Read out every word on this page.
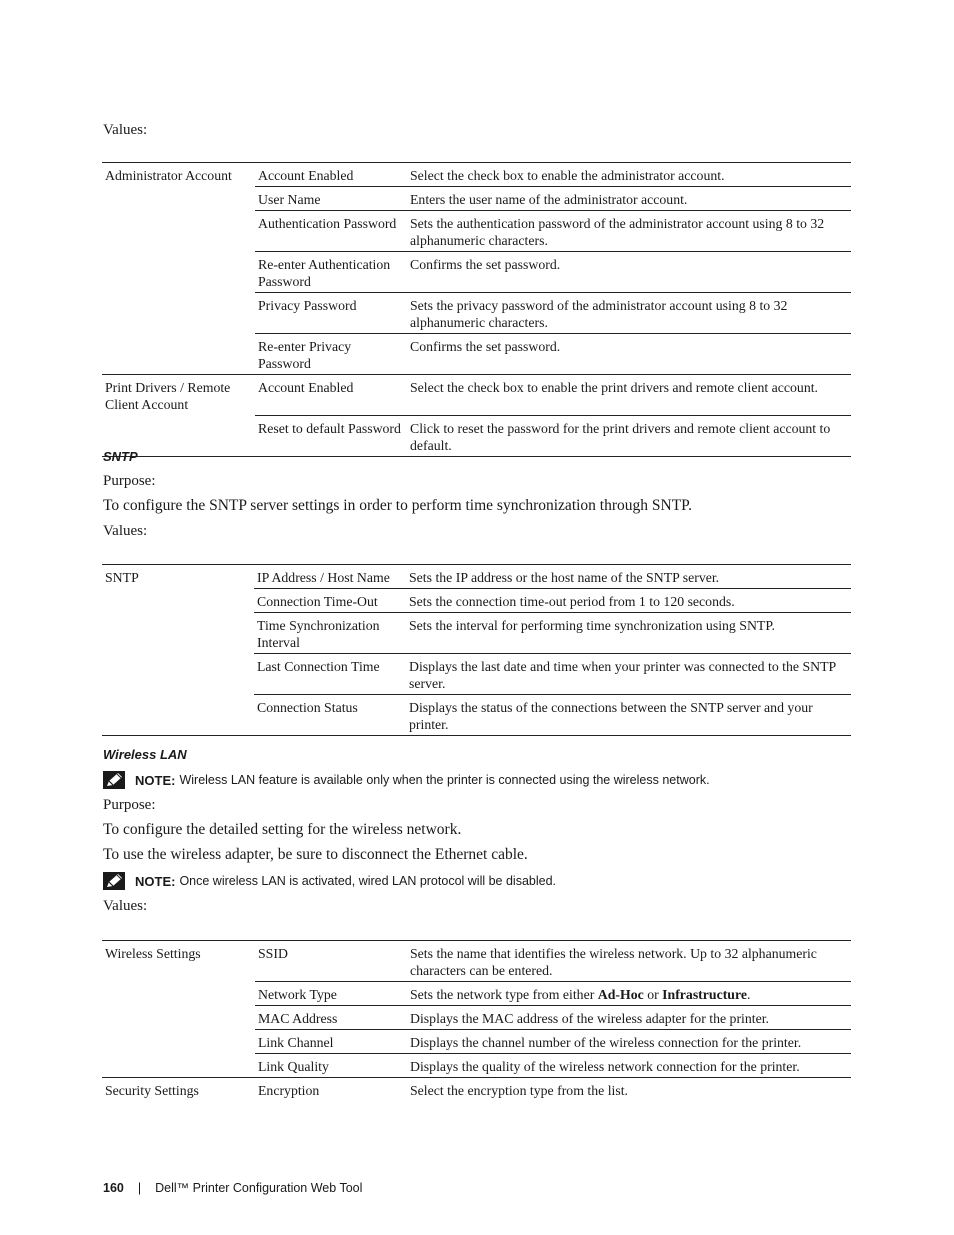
Values:
Administrator Account	Account Enabled	Select the check box to enable the administrator account.
	User Name	Enters the user name of the administrator account.
	Authentication Password	Sets the authentication password of the administrator account using 8 to 32 alphanumeric characters.
	Re-enter Authentication Password	Confirms the set password.
	Privacy Password	Sets the privacy password of the administrator account using 8 to 32 alphanumeric characters.
	Re-enter Privacy Password	Confirms the set password.
Print Drivers / Remote Client Account	Account Enabled	Select the check box to enable the print drivers and remote client account.
	Reset to default Password	Click to reset the password for the print drivers and remote client account to default.
SNTP
Purpose:
To configure the SNTP server settings in order to perform time synchronization through SNTP.
Values:
SNTP	IP Address / Host Name	Sets the IP address or the host name of the SNTP server.
	Connection Time-Out	Sets the connection time-out period from 1 to 120 seconds.
	Time Synchronization Interval	Sets the interval for performing time synchronization using SNTP.
	Last Connection Time	Displays the last date and time when your printer was connected to the SNTP server.
	Connection Status	Displays the status of the connections between the SNTP server and your printer.
Wireless LAN
NOTE: Wireless LAN feature is available only when the printer is connected using the wireless network.
Purpose:
To configure the detailed setting for the wireless network.
To use the wireless adapter, be sure to disconnect the Ethernet cable.
NOTE: Once wireless LAN is activated, wired LAN protocol will be disabled.
Values:
Wireless Settings	SSID	Sets the name that identifies the wireless network. Up to 32 alphanumeric characters can be entered.
	Network Type	Sets the network type from either Ad-Hoc or Infrastructure.
	MAC Address	Displays the MAC address of the wireless adapter for the printer.
	Link Channel	Displays the channel number of the wireless connection for the printer.
	Link Quality	Displays the quality of the wireless network connection for the printer.
Security Settings	Encryption	Select the encryption type from the list.
160 | Dell™ Printer Configuration Web Tool
